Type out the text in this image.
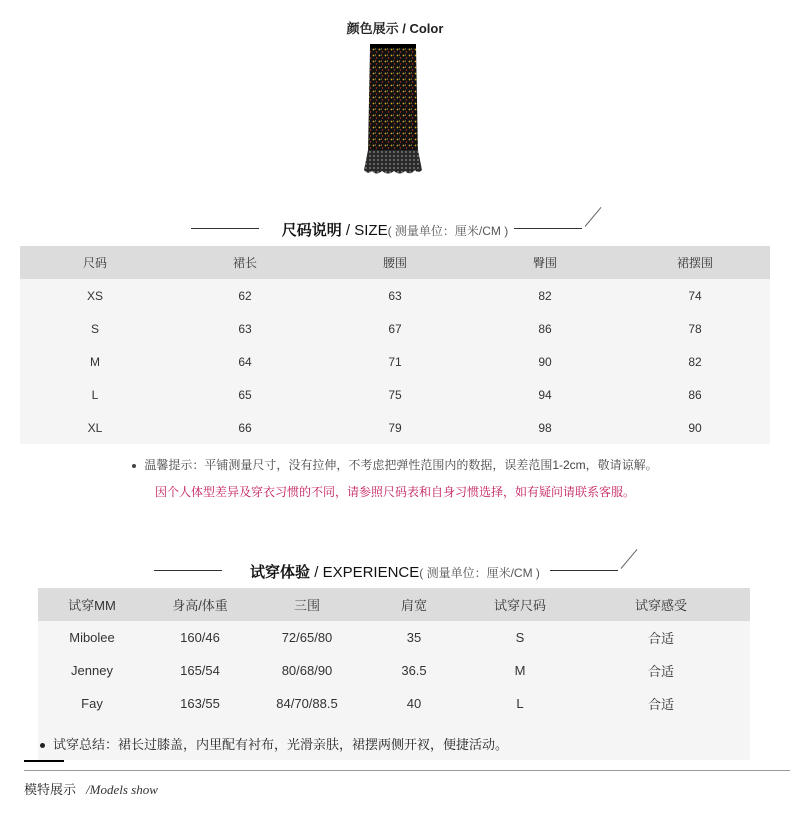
颜色展示 / Color
尺码说明 / SIZE( 测量单位：厘米/CM )
尺码	裙长	腰围	臀围	裙摆围
XS	62	63	82	74
S	63	67	86	78
M	64	71	90	82
L	65	75	94	86
XL	66	79	98	90
温馨提示：平铺测量尺寸，没有拉伸，不考虑把弹性范围内的数据，误差范围1-2cm，敬请谅解。
因个人体型差异及穿衣习惯的不同，请参照尺码表和自身习惯选择，如有疑问请联系客服。
试穿体验 / EXPERIENCE( 测量单位：厘米/CM )
试穿MM	身高/体重	三围	肩宽	试穿尺码	试穿感受
Mibolee	160/46	72/65/80	35	S	合适
Jenney	165/54	80/68/90	36.5	M	合适
Fay	163/55	84/70/88.5	40	L	合适
试穿总结：裙长过膝盖，内里配有衬布，光滑亲肤，裙摆两侧开衩，便捷活动。
模特展示 /Models show
